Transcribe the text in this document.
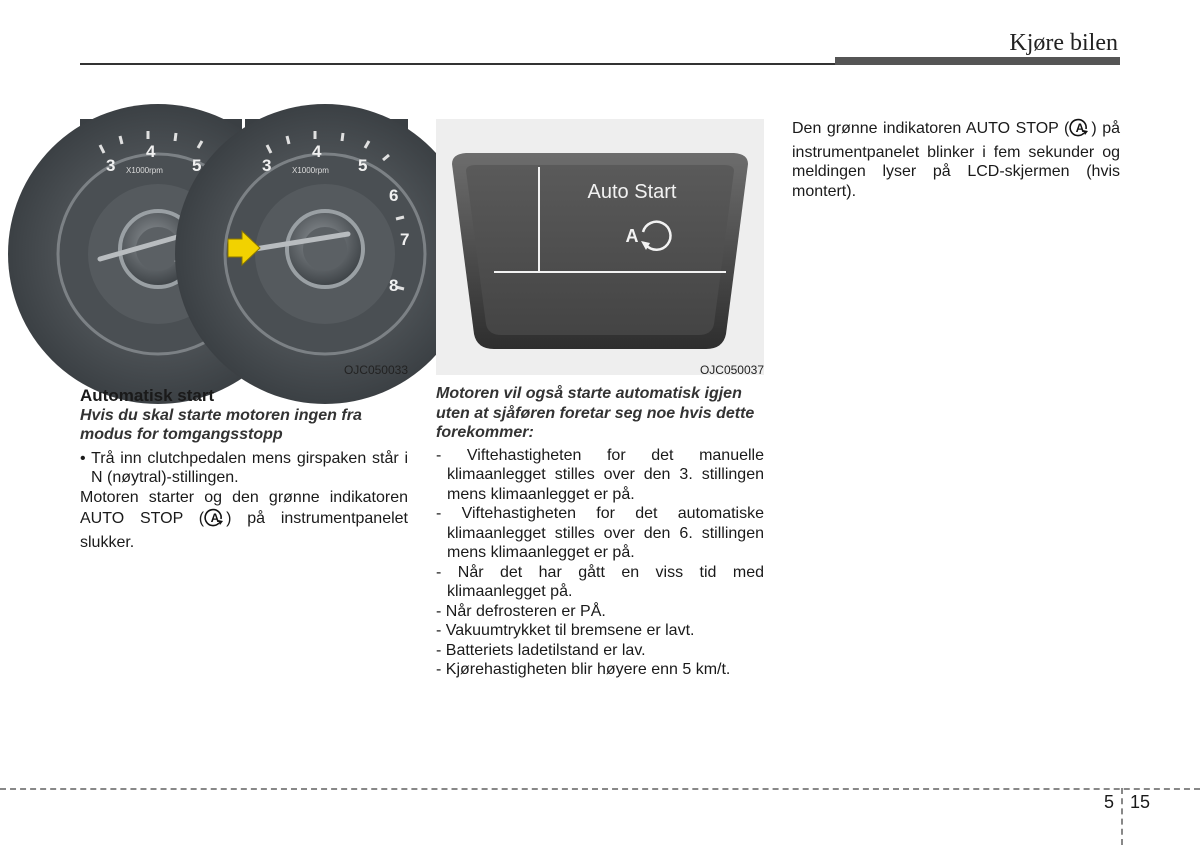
Kjøre bilen
3
4
5
X1000rpm	3
4
5
6
7
8
X1000rpm
OJC050033
Auto Start
A
OJC050037

Automatisk start

Hvis du skal starte motoren ingen fra modus for tomgangsstopp

• Trå inn clutchpedalen mens girspaken står i N (nøytral)-stillingen.

Motoren starter og den grønne indikatoren AUTO STOP ( A ) på instrumentpanelet slukker.

Motoren vil også starte automatisk igjen uten at sjåføren foretar seg noe hvis dette forekommer:

- Viftehastigheten for det manuelle klimaanlegget stilles over den 3. stillingen mens klimaanlegget er på.

- Viftehastigheten for det automatiske klimaanlegget stilles over den 6. stillingen mens klimaanlegget er på.

- Når det har gått en viss tid med klimaanlegget på.

- Når defrosteren er PÅ.

- Vakuumtrykket til bremsene er lavt.

- Batteriets ladetilstand er lav.

- Kjørehastigheten blir høyere enn 5 km/t.

Den grønne indikatoren AUTO STOP ( A ) på instrumentpanelet blinker i fem sekunder og meldingen lyser på LCD-skjermen (hvis montert).

5 15
